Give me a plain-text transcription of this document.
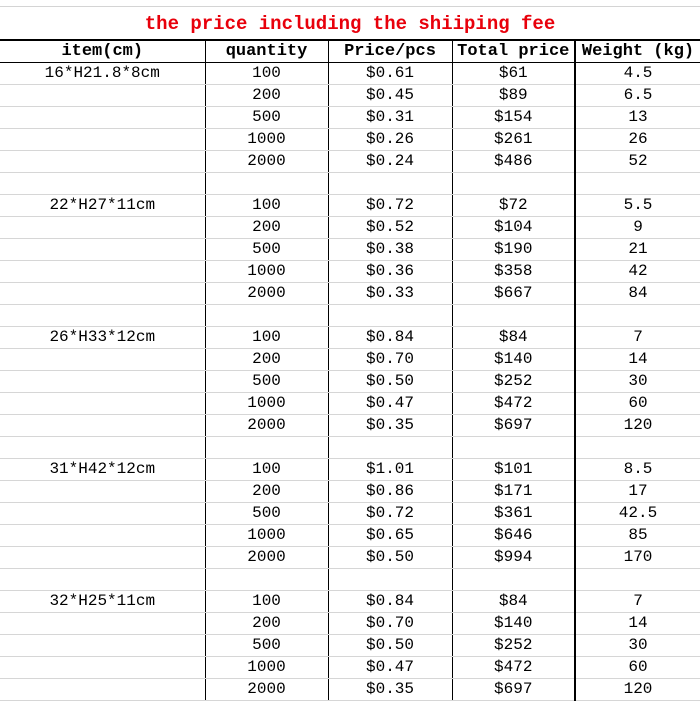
the price including the shiiping fee
item(cm)	quantity	Price/pcs	Total price	Weight (kg)
16*H21.8*8cm	100	$0.61	$61	4.5
	200	$0.45	$89	6.5
	500	$0.31	$154	13
	1000	$0.26	$261	26
	2000	$0.24	$486	52

22*H27*11cm	100	$0.72	$72	5.5
	200	$0.52	$104	9
	500	$0.38	$190	21
	1000	$0.36	$358	42
	2000	$0.33	$667	84

26*H33*12cm	100	$0.84	$84	7
	200	$0.70	$140	14
	500	$0.50	$252	30
	1000	$0.47	$472	60
	2000	$0.35	$697	120

31*H42*12cm	100	$1.01	$101	8.5
	200	$0.86	$171	17
	500	$0.72	$361	42.5
	1000	$0.65	$646	85
	2000	$0.50	$994	170

32*H25*11cm	100	$0.84	$84	7
	200	$0.70	$140	14
	500	$0.50	$252	30
	1000	$0.47	$472	60
	2000	$0.35	$697	120
